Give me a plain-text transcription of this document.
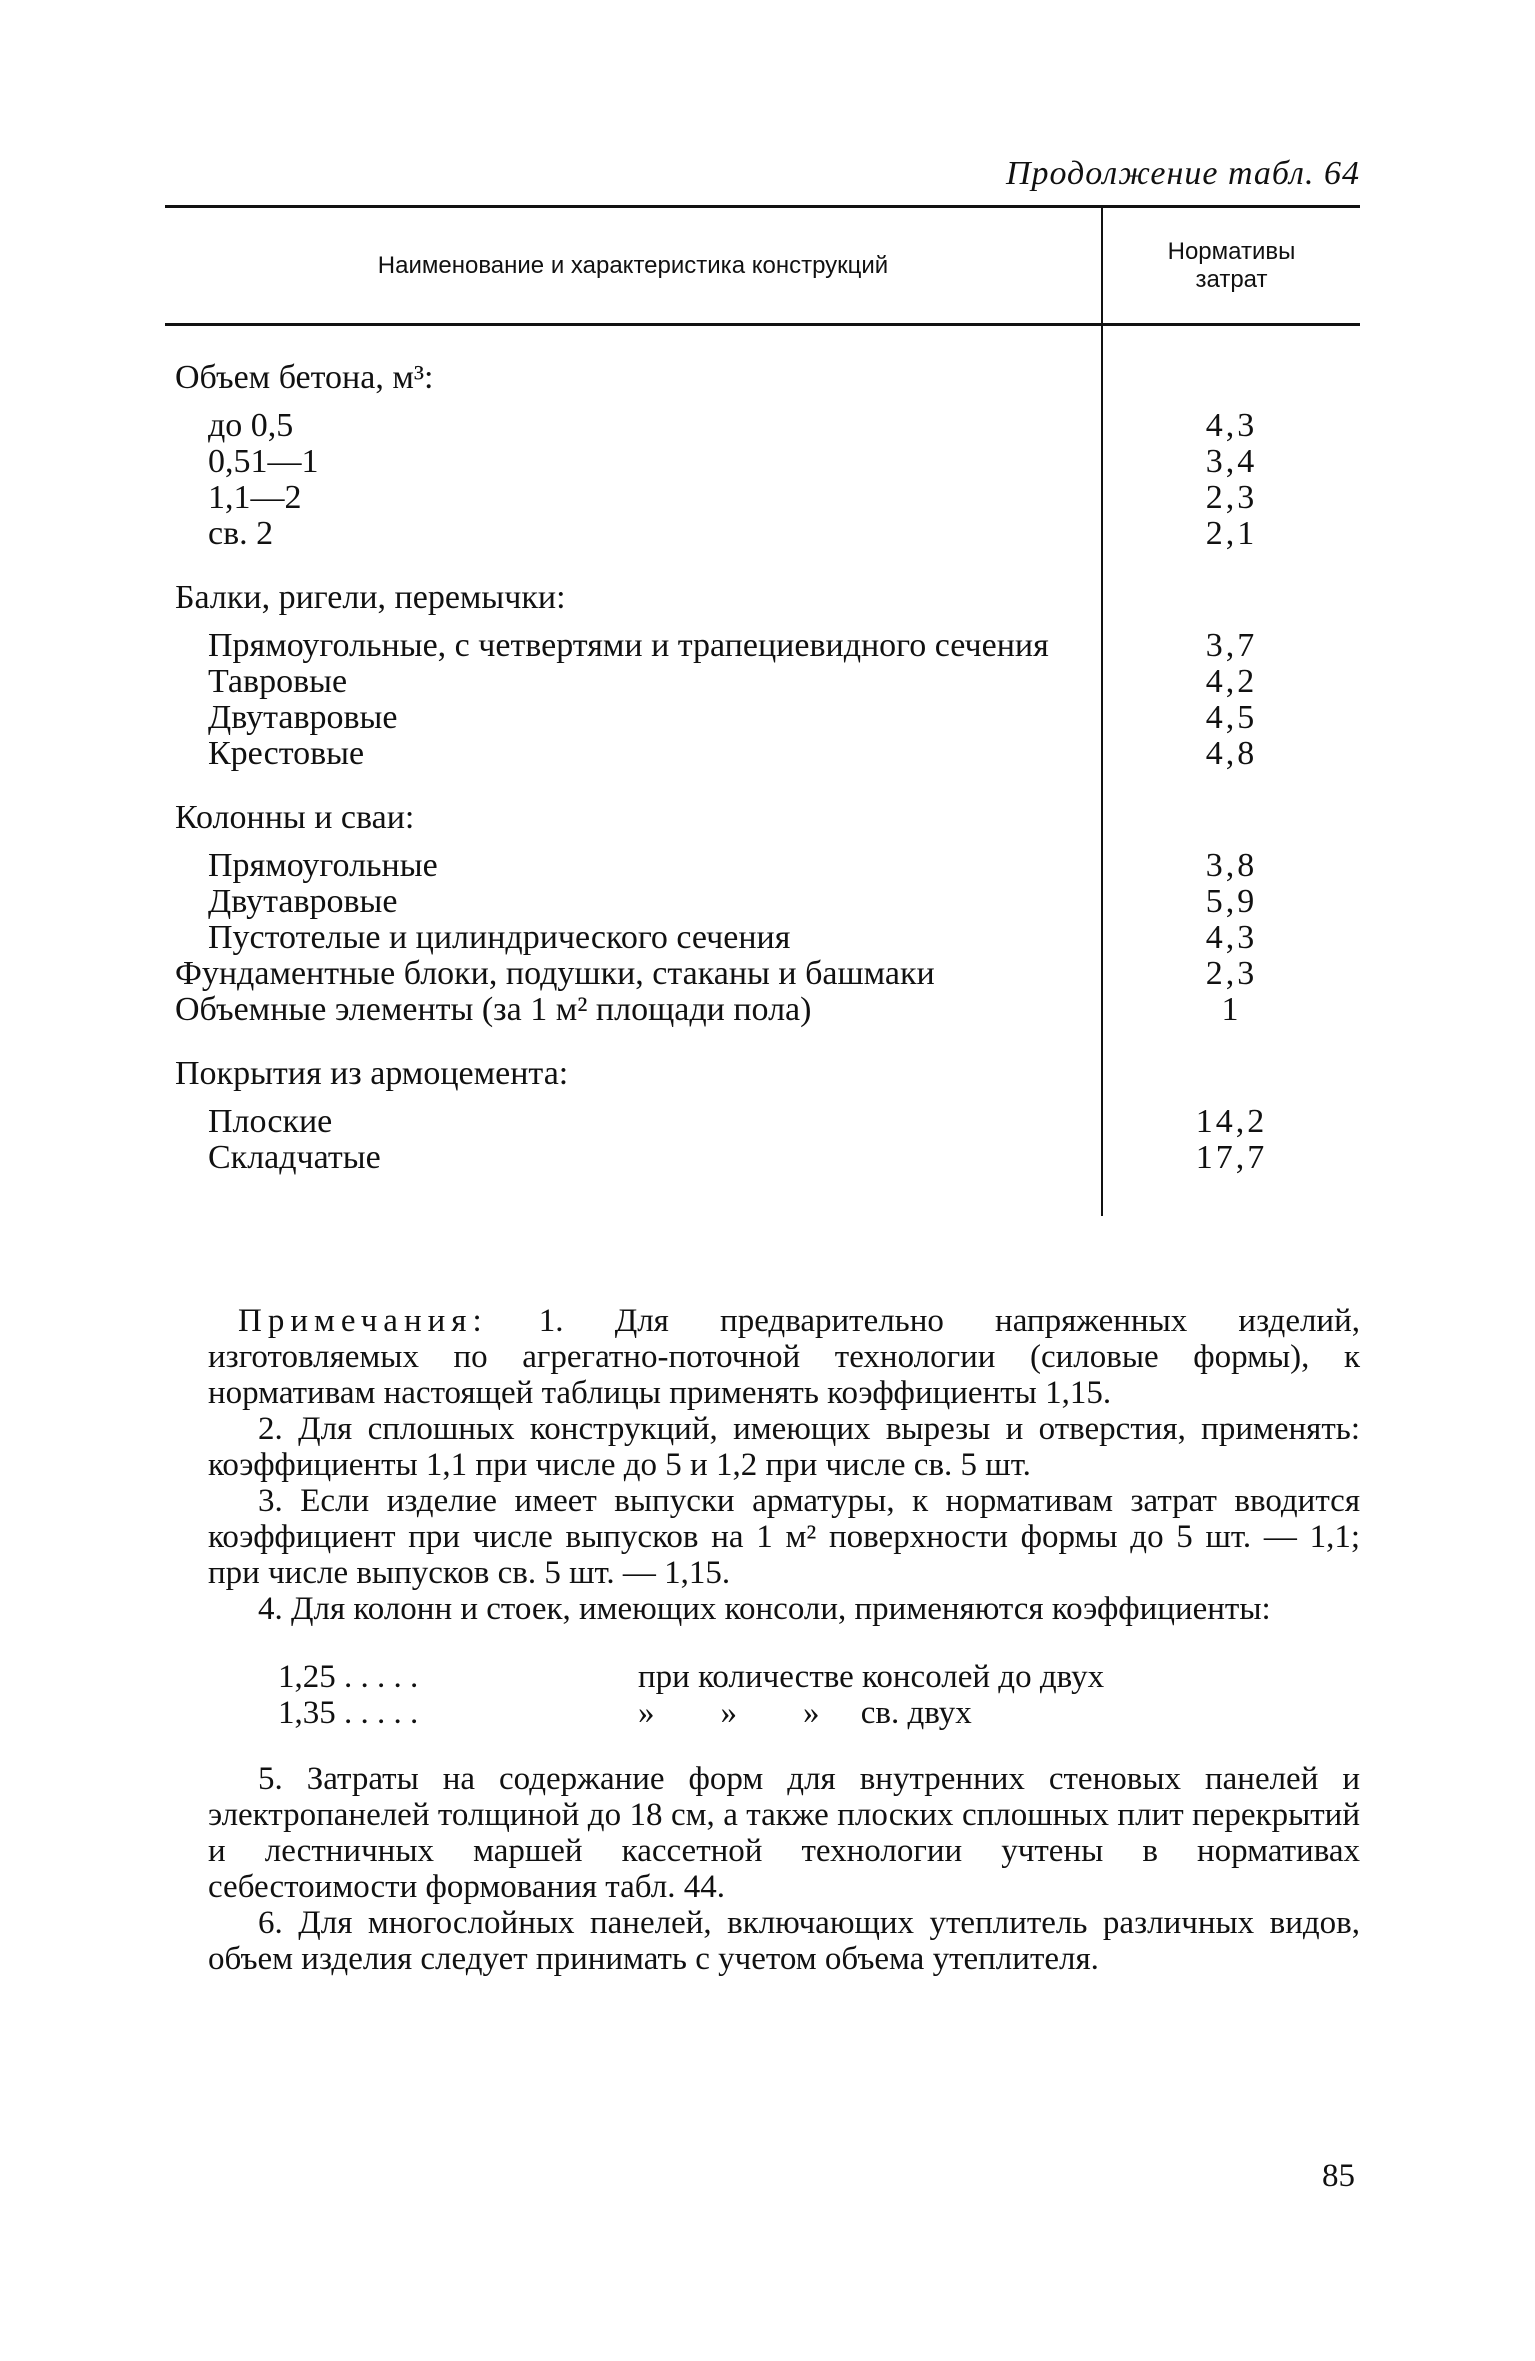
Продолжение табл. 64
Наименование и характеристика конструкций	Нормативы
затрат

Объем бетона, м³:	

до 0,5	4,3
0,51—1	3,4
1,1—2	2,3
св. 2	2,1

Балки, ригели, перемычки:	

Прямоугольные, с четвертями и трапециевидного сечения	3,7
Тавровые	4,2
Двутавровые	4,5
Крестовые	4,8

Колонны и сваи:	

Прямоугольные	3,8
Двутавровые	5,9
Пустотелые и цилиндрического сечения	4,3
Фундаментные блоки, подушки, стаканы и башмаки	2,3
Объемные элементы (за 1 м² площади пола)	1

Покрытия из армоцемента:	

Плоские	14,2
Складчатые	17,7

Примечания: 1. Для предварительно напряженных изделий, изготовляемых по агрегатно-поточной технологии (силовые формы), к нормативам настоящей таблицы применять коэффициенты 1,15.

2. Для сплошных конструкций, имеющих вырезы и отверстия, применять: коэффициенты 1,1 при числе до 5 и 1,2 при числе св. 5 шт.

3. Если изделие имеет выпуски арматуры, к нормативам затрат вводится коэффициент при числе выпусков на 1 м² поверхности формы до 5 шт. — 1,1; при числе выпусков св. 5 шт. — 1,15.

4. Для колонн и стоек, имеющих консоли, применяются коэффициенты:

1,25 . . . . .	при количестве консолей до двух
1,35 . . . . .	»        »        »     св. двух

5. Затраты на содержание форм для внутренних стеновых панелей и электропанелей толщиной до 18 см, а также плоских сплошных плит перекрытий и лестничных маршей кассетной технологии учтены в нормативах себестоимости формования табл. 44.

6. Для многослойных панелей, включающих утеплитель различных видов, объем изделия следует принимать с учетом объема утеплителя.

85
